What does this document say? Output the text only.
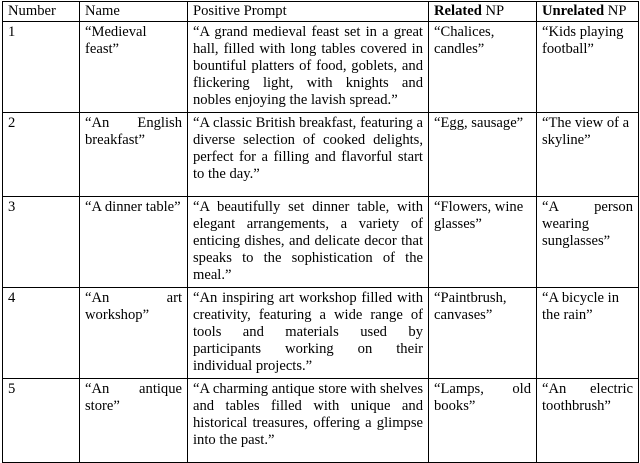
Number	Name	Positive Prompt	Related NP	Unrelated NP
1	“Medieval feast”	“A grand medieval feast set in a great hall, filled with long tables covered in bountiful platters of food, goblets, and flickering light, with knights and nobles enjoying the lavish spread.”	“Chalices, candles”	“Kids playing football”
2	“An English breakfast”	“A classic British breakfast, featuring a diverse selection of cooked delights, perfect for a filling and flavorful start to the day.”	“Egg, sausage”	“The view of a skyline”
3	“A dinner table”	“A beautifully set dinner table, with elegant arrangements, a variety of enticing dishes, and delicate decor that speaks to the sophistication of the meal.”	“Flowers, wine glasses”	“A person wearing sunglasses”
4	“An art workshop”	“An inspiring art workshop filled with creativity, featuring a wide range of tools and materials used by participants working on their individual projects.”	“Paintbrush, canvases”	“A bicycle in the rain”
5	“An antique store”	“A charming antique store with shelves and tables filled with unique and historical treasures, offering a glimpse into the past.”	“Lamps, old books”	“An electric toothbrush”
